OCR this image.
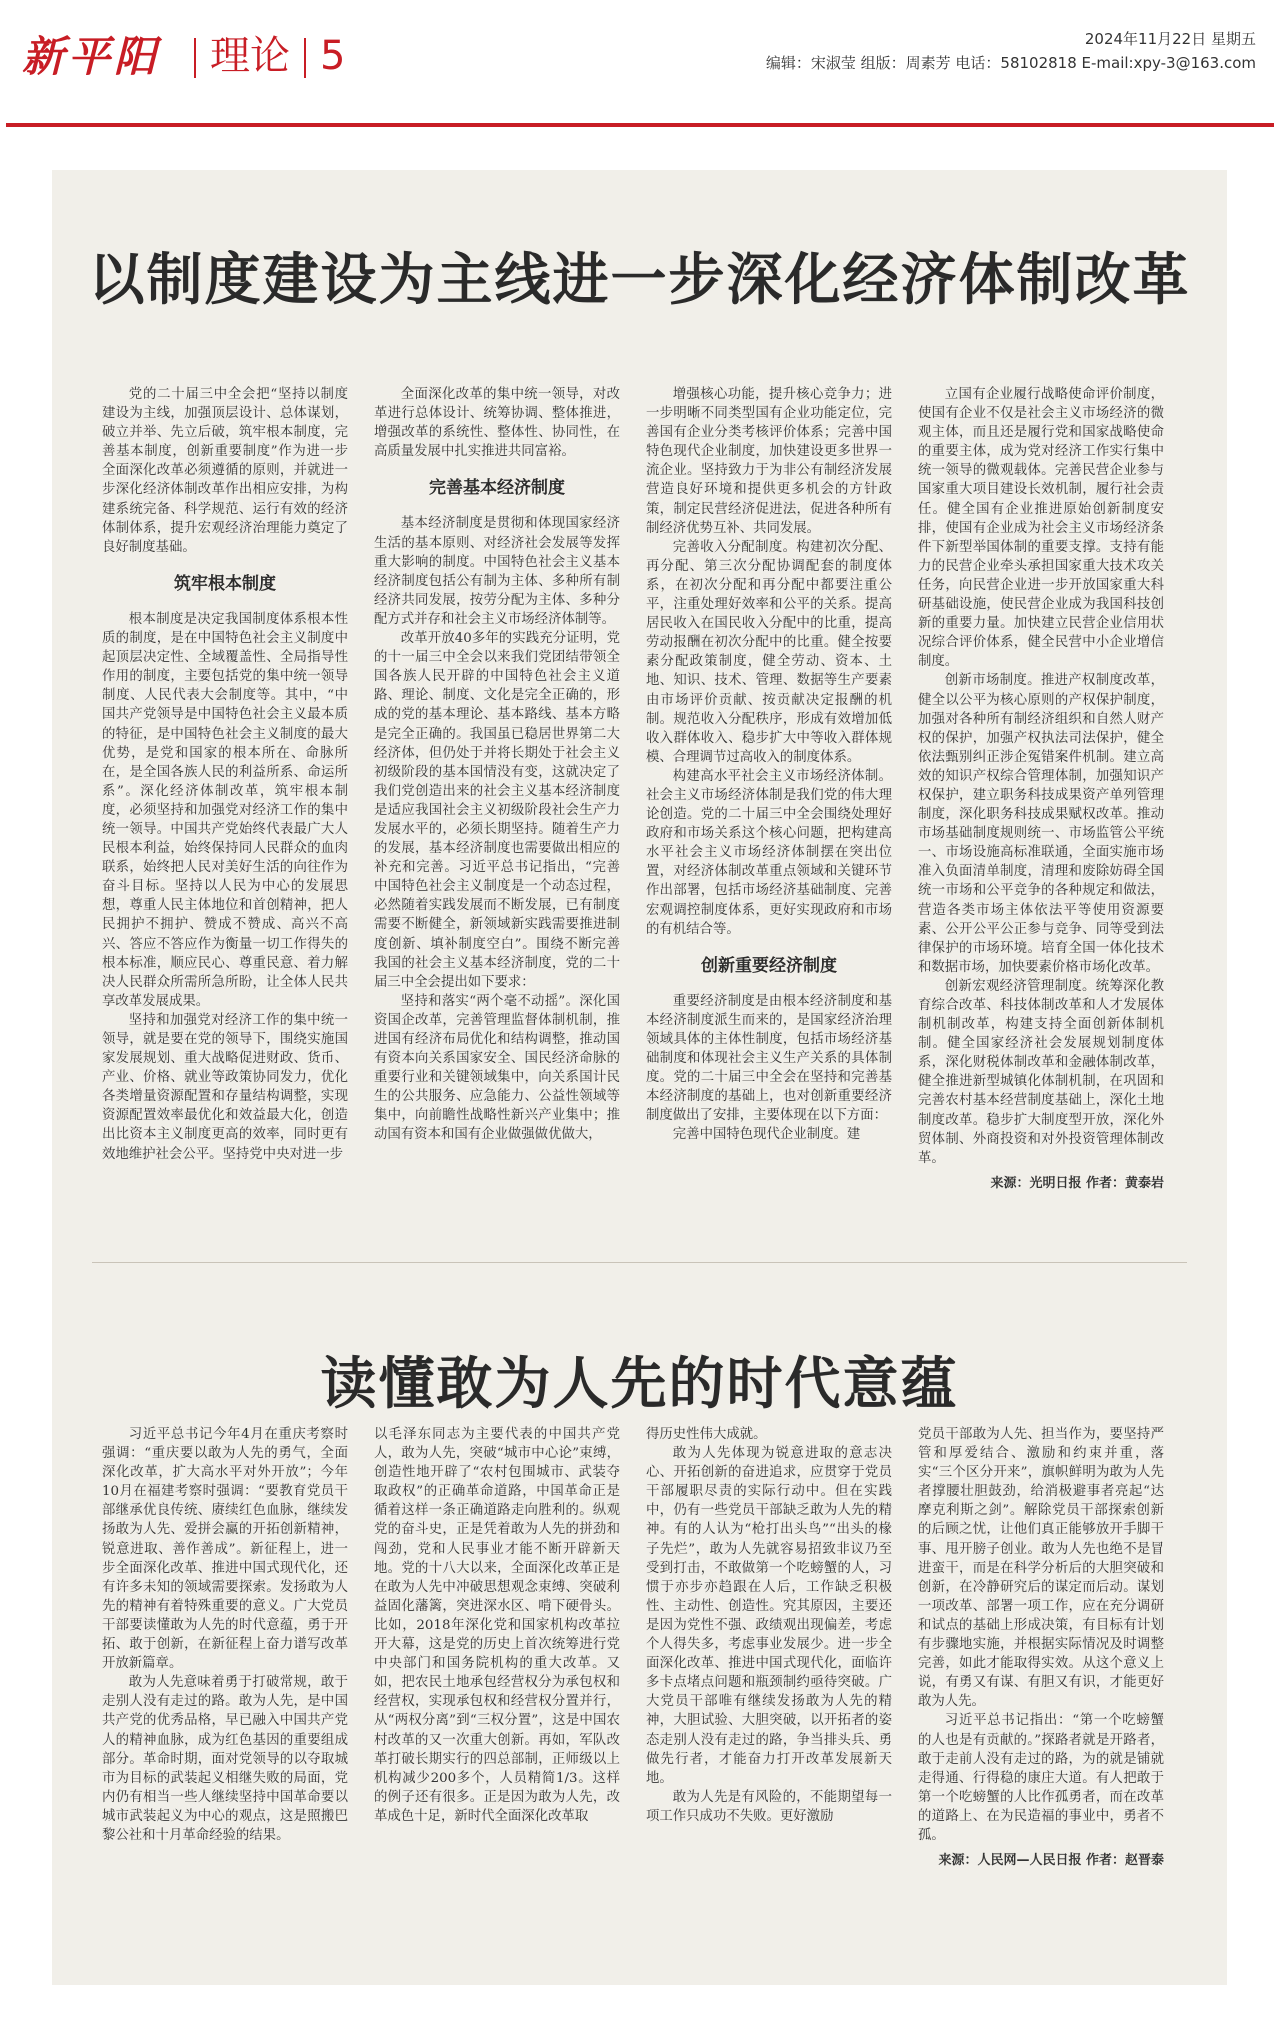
新平阳	理论 5	2024年11月22日 星期五
编辑：宋淑莹 组版：周素芳 电话：58102818 E-mail:xpy-3@163.com
以制度建设为主线进一步深化经济体制改革

党的二十届三中全会把“坚持以制度建设为主线，加强顶层设计、总体谋划，破立并举、先立后破，筑牢根本制度，完善基本制度，创新重要制度”作为进一步全面深化改革必须遵循的原则，并就进一步深化经济体制改革作出相应安排，为构建系统完备、科学规范、运行有效的经济体制体系，提升宏观经济治理能力奠定了良好制度基础。

筑牢根本制度

根本制度是决定我国制度体系根本性质的制度，是在中国特色社会主义制度中起顶层决定性、全域覆盖性、全局指导性作用的制度，主要包括党的集中统一领导制度、人民代表大会制度等。其中，“中国共产党领导是中国特色社会主义最本质的特征，是中国特色社会主义制度的最大优势，是党和国家的根本所在、命脉所在，是全国各族人民的利益所系、命运所系”。深化经济体制改革，筑牢根本制度，必须坚持和加强党对经济工作的集中统一领导。中国共产党始终代表最广大人民根本利益，始终保持同人民群众的血肉联系，始终把人民对美好生活的向往作为奋斗目标。坚持以人民为中心的发展思想，尊重人民主体地位和首创精神，把人民拥护不拥护、赞成不赞成、高兴不高兴、答应不答应作为衡量一切工作得失的根本标准，顺应民心、尊重民意、着力解决人民群众所需所急所盼，让全体人民共享改革发展成果。

坚持和加强党对经济工作的集中统一领导，就是要在党的领导下，围绕实施国家发展规划、重大战略促进财政、货币、产业、价格、就业等政策协同发力，优化各类增量资源配置和存量结构调整，实现资源配置效率最优化和效益最大化，创造出比资本主义制度更高的效率，同时更有效地维护社会公平。坚持党中央对进一步

全面深化改革的集中统一领导，对改革进行总体设计、统筹协调、整体推进，增强改革的系统性、整体性、协同性，在高质量发展中扎实推进共同富裕。

完善基本经济制度

基本经济制度是贯彻和体现国家经济生活的基本原则、对经济社会发展等发挥重大影响的制度。中国特色社会主义基本经济制度包括公有制为主体、多种所有制经济共同发展，按劳分配为主体、多种分配方式并存和社会主义市场经济体制等。

改革开放40多年的实践充分证明，党的十一届三中全会以来我们党团结带领全国各族人民开辟的中国特色社会主义道路、理论、制度、文化是完全正确的，形成的党的基本理论、基本路线、基本方略是完全正确的。我国虽已稳居世界第二大经济体，但仍处于并将长期处于社会主义初级阶段的基本国情没有变，这就决定了我们党创造出来的社会主义基本经济制度是适应我国社会主义初级阶段社会生产力发展水平的，必须长期坚持。随着生产力的发展，基本经济制度也需要做出相应的补充和完善。习近平总书记指出，“完善中国特色社会主义制度是一个动态过程，必然随着实践发展而不断发展，已有制度需要不断健全，新领域新实践需要推进制度创新、填补制度空白”。围绕不断完善我国的社会主义基本经济制度，党的二十届三中全会提出如下要求：

坚持和落实“两个毫不动摇”。深化国资国企改革，完善管理监督体制机制，推进国有经济布局优化和结构调整，推动国有资本向关系国家安全、国民经济命脉的重要行业和关键领域集中，向关系国计民生的公共服务、应急能力、公益性领域等集中，向前瞻性战略性新兴产业集中；推动国有资本和国有企业做强做优做大，

增强核心功能，提升核心竞争力；进一步明晰不同类型国有企业功能定位，完善国有企业分类考核评价体系；完善中国特色现代企业制度，加快建设更多世界一流企业。坚持致力于为非公有制经济发展营造良好环境和提供更多机会的方针政策，制定民营经济促进法，促进各种所有制经济优势互补、共同发展。

完善收入分配制度。构建初次分配、再分配、第三次分配协调配套的制度体系，在初次分配和再分配中都要注重公平，注重处理好效率和公平的关系。提高居民收入在国民收入分配中的比重，提高劳动报酬在初次分配中的比重。健全按要素分配政策制度，健全劳动、资本、土地、知识、技术、管理、数据等生产要素由市场评价贡献、按贡献决定报酬的机制。规范收入分配秩序，形成有效增加低收入群体收入、稳步扩大中等收入群体规模、合理调节过高收入的制度体系。

构建高水平社会主义市场经济体制。社会主义市场经济体制是我们党的伟大理论创造。党的二十届三中全会围绕处理好政府和市场关系这个核心问题，把构建高水平社会主义市场经济体制摆在突出位置，对经济体制改革重点领域和关键环节作出部署，包括市场经济基础制度、完善宏观调控制度体系，更好实现政府和市场的有机结合等。

创新重要经济制度

重要经济制度是由根本经济制度和基本经济制度派生而来的，是国家经济治理领域具体的主体性制度，包括市场经济基础制度和体现社会主义生产关系的具体制度。党的二十届三中全会在坚持和完善基本经济制度的基础上，也对创新重要经济制度做出了安排，主要体现在以下方面：

完善中国特色现代企业制度。建

立国有企业履行战略使命评价制度，使国有企业不仅是社会主义市场经济的微观主体，而且还是履行党和国家战略使命的重要主体，成为党对经济工作实行集中统一领导的微观载体。完善民营企业参与国家重大项目建设长效机制，履行社会责任。健全国有企业推进原始创新制度安排，使国有企业成为社会主义市场经济条件下新型举国体制的重要支撑。支持有能力的民营企业牵头承担国家重大技术攻关任务，向民营企业进一步开放国家重大科研基础设施，使民营企业成为我国科技创新的重要力量。加快建立民营企业信用状况综合评价体系，健全民营中小企业增信制度。

创新市场制度。推进产权制度改革，健全以公平为核心原则的产权保护制度，加强对各种所有制经济组织和自然人财产权的保护，加强产权执法司法保护，健全依法甄别纠正涉企冤错案件机制。建立高效的知识产权综合管理体制，加强知识产权保护，建立职务科技成果资产单列管理制度，深化职务科技成果赋权改革。推动市场基础制度规则统一、市场监管公平统一、市场设施高标准联通，全面实施市场准入负面清单制度，清理和废除妨碍全国统一市场和公平竞争的各种规定和做法，营造各类市场主体依法平等使用资源要素、公开公平公正参与竞争、同等受到法律保护的市场环境。培育全国一体化技术和数据市场，加快要素价格市场化改革。

创新宏观经济管理制度。统筹深化教育综合改革、科技体制改革和人才发展体制机制改革，构建支持全面创新体制机制。健全国家经济社会发展规划制度体系，深化财税体制改革和金融体制改革，健全推进新型城镇化体制机制，在巩固和完善农村基本经营制度基础上，深化土地制度改革。稳步扩大制度型开放，深化外贸体制、外商投资和对外投资管理体制改革。

来源：光明日报 作者：黄泰岩

读懂敢为人先的时代意蕴

习近平总书记今年4月在重庆考察时强调：“重庆要以敢为人先的勇气，全面深化改革，扩大高水平对外开放”；今年10月在福建考察时强调：“要教育党员干部继承优良传统、赓续红色血脉，继续发扬敢为人先、爱拼会赢的开拓创新精神，锐意进取、善作善成”。新征程上，进一步全面深化改革、推进中国式现代化，还有许多未知的领域需要探索。发扬敢为人先的精神有着特殊重要的意义。广大党员干部要读懂敢为人先的时代意蕴，勇于开拓、敢于创新，在新征程上奋力谱写改革开放新篇章。

敢为人先意味着勇于打破常规，敢于走别人没有走过的路。敢为人先，是中国共产党的优秀品格，早已融入中国共产党人的精神血脉，成为红色基因的重要组成部分。革命时期，面对党领导的以夺取城市为目标的武装起义相继失败的局面，党内仍有相当一些人继续坚持中国革命要以城市武装起义为中心的观点，这是照搬巴黎公社和十月革命经验的结果。

以毛泽东同志为主要代表的中国共产党人，敢为人先，突破“城市中心论”束缚，创造性地开辟了“农村包围城市、武装夺取政权”的正确革命道路，中国革命正是循着这样一条正确道路走向胜利的。纵观党的奋斗史，正是凭着敢为人先的拼劲和闯劲，党和人民事业才能不断开辟新天地。党的十八大以来，全面深化改革正是在敢为人先中冲破思想观念束缚、突破利益固化藩篱，突进深水区、啃下硬骨头。比如，2018年深化党和国家机构改革拉开大幕，这是党的历史上首次统筹进行党中央部门和国务院机构的重大改革。又如，把农民土地承包经营权分为承包权和经营权，实现承包权和经营权分置并行，从“两权分离”到“三权分置”，这是中国农村改革的又一次重大创新。再如，军队改革打破长期实行的四总部制，正师级以上机构减少200多个，人员精简1/3。这样的例子还有很多。正是因为敢为人先，改革成色十足，新时代全面深化改革取

得历史性伟大成就。

敢为人先体现为锐意进取的意志决心、开拓创新的奋进追求，应贯穿于党员干部履职尽责的实际行动中。但在实践中，仍有一些党员干部缺乏敢为人先的精神。有的人认为“枪打出头鸟”“出头的椽子先烂”，敢为人先就容易招致非议乃至受到打击，不敢做第一个吃螃蟹的人，习惯于亦步亦趋跟在人后，工作缺乏积极性、主动性、创造性。究其原因，主要还是因为党性不强、政绩观出现偏差，考虑个人得失多，考虑事业发展少。进一步全面深化改革、推进中国式现代化，面临许多卡点堵点问题和瓶颈制约亟待突破。广大党员干部唯有继续发扬敢为人先的精神，大胆试验、大胆突破，以开拓者的姿态走别人没有走过的路，争当排头兵、勇做先行者，才能奋力打开改革发展新天地。

敢为人先是有风险的，不能期望每一项工作只成功不失败。更好激励

党员干部敢为人先、担当作为，要坚持严管和厚爱结合、激励和约束并重，落实“三个区分开来”，旗帜鲜明为敢为人先者撑腰壮胆鼓劲，给消极避事者亮起“达摩克利斯之剑”。解除党员干部探索创新的后顾之忧，让他们真正能够放开手脚干事、甩开膀子创业。敢为人先也绝不是冒进蛮干，而是在科学分析后的大胆突破和创新，在冷静研究后的谋定而后动。谋划一项改革、部署一项工作，应在充分调研和试点的基础上形成决策，有目标有计划有步骤地实施，并根据实际情况及时调整完善，如此才能取得实效。从这个意义上说，有勇又有谋、有胆又有识，才能更好敢为人先。

习近平总书记指出：“第一个吃螃蟹的人也是有贡献的。”探路者就是开路者，敢于走前人没有走过的路，为的就是铺就走得通、行得稳的康庄大道。有人把敢于第一个吃螃蟹的人比作孤勇者，而在改革的道路上、在为民造福的事业中，勇者不孤。

来源：人民网—人民日报 作者：赵晋泰
